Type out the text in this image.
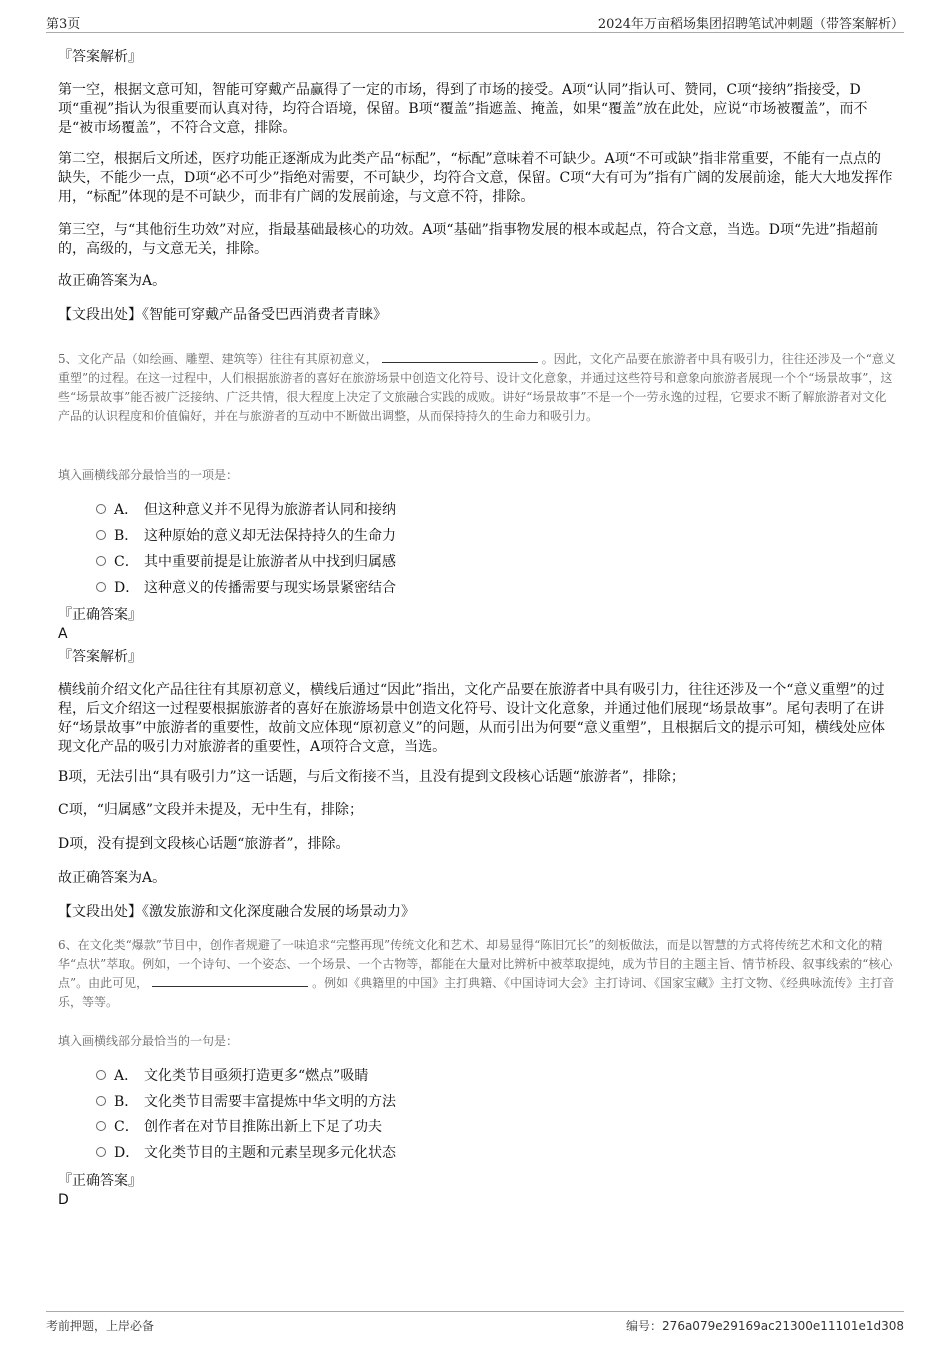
第3页	2024年万亩稻场集团招聘笔试冲刺题（带答案解析）
『答案解析』

第一空，根据文意可知，智能可穿戴产品赢得了一定的市场，得到了市场的接受。A项“认同”指认可、赞同，C项“接纳”指接受，D项“重视”指认为很重要而认真对待，均符合语境，保留。B项“覆盖”指遮盖、掩盖，如果“覆盖”放在此处，应说“市场被覆盖”，而不是“被市场覆盖”，不符合文意，排除。

第二空，根据后文所述，医疗功能正逐渐成为此类产品“标配”，“标配”意味着不可缺少。A项“不可或缺”指非常重要，不能有一点点的缺失，不能少一点，D项“必不可少”指绝对需要，不可缺少，均符合文意，保留。C项“大有可为”指有广阔的发展前途，能大大地发挥作用，“标配”体现的是不可缺少，而非有广阔的发展前途，与文意不符，排除。

第三空，与“其他衍生功效”对应，指最基础最核心的功效。A项“基础”指事物发展的根本或起点，符合文意，当选。D项“先进”指超前的，高级的，与文意无关，排除。

故正确答案为A。

【文段出处】《智能可穿戴产品备受巴西消费者青睐》

5、文化产品（如绘画、雕塑、建筑等）往往有其原初意义，	。因此，文化产品要在旅游者中具有吸引力，往往还涉及一个“意义重塑”的过程。在这一过程中，人们根据旅游者的喜好在旅游场景中创造文化符号、设计文化意象，并通过这些符号和意象向旅游者展现一个个“场景故事”，这些“场景故事”能否被广泛接纳、广泛共情，很大程度上决定了文旅融合实践的成败。讲好“场景故事”不是一个一劳永逸的过程，它要求不断了解旅游者对文化产品的认识程度和价值偏好，并在与旅游者的互动中不断做出调整，从而保持持久的生命力和吸引力。

填入画横线部分最恰当的一项是：
A． 但这种意义并不见得为旅游者认同和接纳
B． 这种原始的意义却无法保持持久的生命力
C． 其中重要前提是让旅游者从中找到归属感
D． 这种意义的传播需要与现实场景紧密结合
『正确答案』
A
『答案解析』

横线前介绍文化产品往往有其原初意义，横线后通过“因此”指出，文化产品要在旅游者中具有吸引力，往往还涉及一个“意义重塑”的过程，后文介绍这一过程要根据旅游者的喜好在旅游场景中创造文化符号、设计文化意象，并通过他们展现“场景故事”。尾句表明了在讲好“场景故事”中旅游者的重要性，故前文应体现“原初意义”的问题，从而引出为何要“意义重塑”，且根据后文的提示可知，横线处应体现文化产品的吸引力对旅游者的重要性，A项符合文意，当选。

B项，无法引出“具有吸引力”这一话题，与后文衔接不当，且没有提到文段核心话题“旅游者”，排除；

C项，“归属感”文段并未提及，无中生有，排除；

D项，没有提到文段核心话题“旅游者”，排除。

故正确答案为A。

【文段出处】《激发旅游和文化深度融合发展的场景动力》

6、在文化类“爆款”节目中，创作者规避了一味追求“完整再现”传统文化和艺术、却易显得“陈旧冗长”的刻板做法，而是以智慧的方式将传统艺术和文化的精华“点状”萃取。例如，一个诗句、一个姿态、一个场景、一个古物等，都能在大量对比辨析中被萃取提纯，成为节目的主题主旨、情节桥段、叙事线索的“核心点”。由此可见，	。例如《典籍里的中国》主打典籍、《中国诗词大会》主打诗词、《国家宝藏》主打文物、《经典咏流传》主打音乐，等等。

填入画横线部分最恰当的一句是：
A． 文化类节目亟须打造更多“燃点”吸睛
B． 文化类节目需要丰富提炼中华文明的方法
C． 创作者在对节目推陈出新上下足了功夫
D． 文化类节目的主题和元素呈现多元化状态
『正确答案』
D
考前押题，上岸必备	编号：276a079e29169ac21300e11101e1d308
